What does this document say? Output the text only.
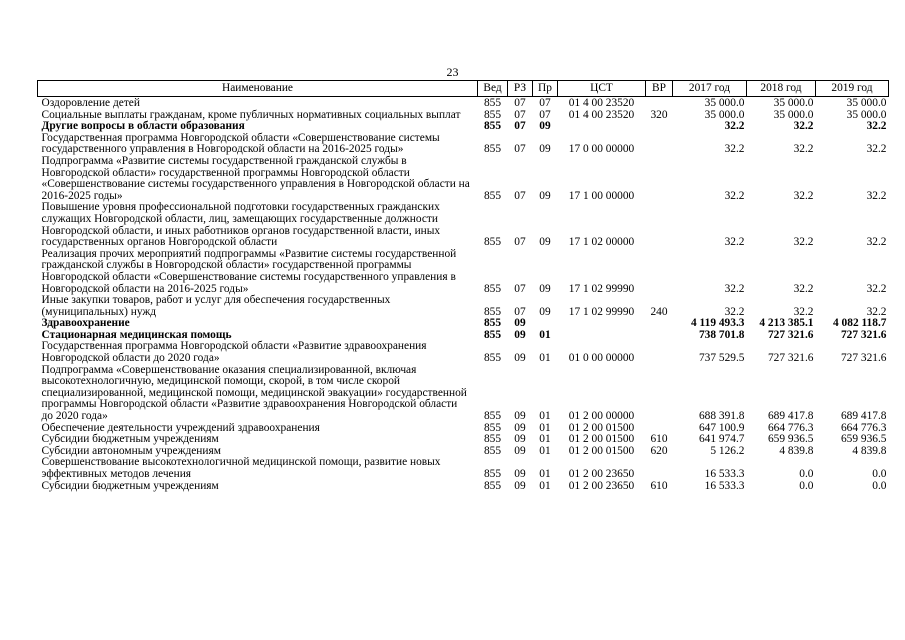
23
Наименование	Вед	РЗ	Пр	ЦСТ	ВР	2017 год	2018 год	2019 год
Оздоровление детей	855	07	07	01 4 00 23520		35 000.0	35 000.0	35 000.0
Социальные выплаты гражданам, кроме публичных нормативных социальных выплат	855	07	07	01 4 00 23520	320	35 000.0	35 000.0	35 000.0
Другие вопросы в области образования	855	07	09			32.2	32.2	32.2
Государственная программа Новгородской области «Совершенствование системы государственного управления в Новгородской области на 2016-2025 годы»	855	07	09	17 0 00 00000		32.2	32.2	32.2
Подпрограмма «Развитие системы государственной гражданской службы в Новгородской области» государственной программы Новгородской области «Совершенствование системы государственного управления в Новгородской области на 2016-2025 годы»	855	07	09	17 1 00 00000		32.2	32.2	32.2
Повышение уровня профессиональной подготовки государственных гражданских служащих Новгородской области, лиц, замещающих государственные должности Новгородской области, и иных работников органов государственной власти, иных государственных органов Новгородской области	855	07	09	17 1 02 00000		32.2	32.2	32.2
Реализация прочих мероприятий подпрограммы «Развитие системы государственной гражданской службы в Новгородской области» государственной программы Новгородской области «Совершенствование системы государственного управления в Новгородской области на 2016-2025 годы»	855	07	09	17 1 02 99990		32.2	32.2	32.2
Иные закупки товаров, работ и услуг для обеспечения государственных (муниципальных) нужд	855	07	09	17 1 02 99990	240	32.2	32.2	32.2
Здравоохранение	855	09				4 119 493.3	4 213 385.1	4 082 118.7
Стационарная медицинская помощь	855	09	01			738 701.8	727 321.6	727 321.6
Государственная программа Новгородской области «Развитие здравоохранения Новгородской области до 2020 года»	855	09	01	01 0 00 00000		737 529.5	727 321.6	727 321.6
Подпрограмма «Совершенствование оказания специализированной, включая высокотехнологичную, медицинской помощи, скорой, в том числе скорой специализированной, медицинской помощи, медицинской эвакуации» государственной программы Новгородской области «Развитие здравоохранения Новгородской области до 2020 года»	855	09	01	01 2 00 00000		688 391.8	689 417.8	689 417.8
Обеспечение деятельности учреждений здравоохранения	855	09	01	01 2 00 01500		647 100.9	664 776.3	664 776.3
Субсидии бюджетным учреждениям	855	09	01	01 2 00 01500	610	641 974.7	659 936.5	659 936.5
Субсидии автономным учреждениям	855	09	01	01 2 00 01500	620	5 126.2	4 839.8	4 839.8
Совершенствование высокотехнологичной медицинской помощи, развитие новых эффективных методов лечения	855	09	01	01 2 00 23650		16 533.3	0.0	0.0
Субсидии бюджетным учреждениям	855	09	01	01 2 00 23650	610	16 533.3	0.0	0.0
